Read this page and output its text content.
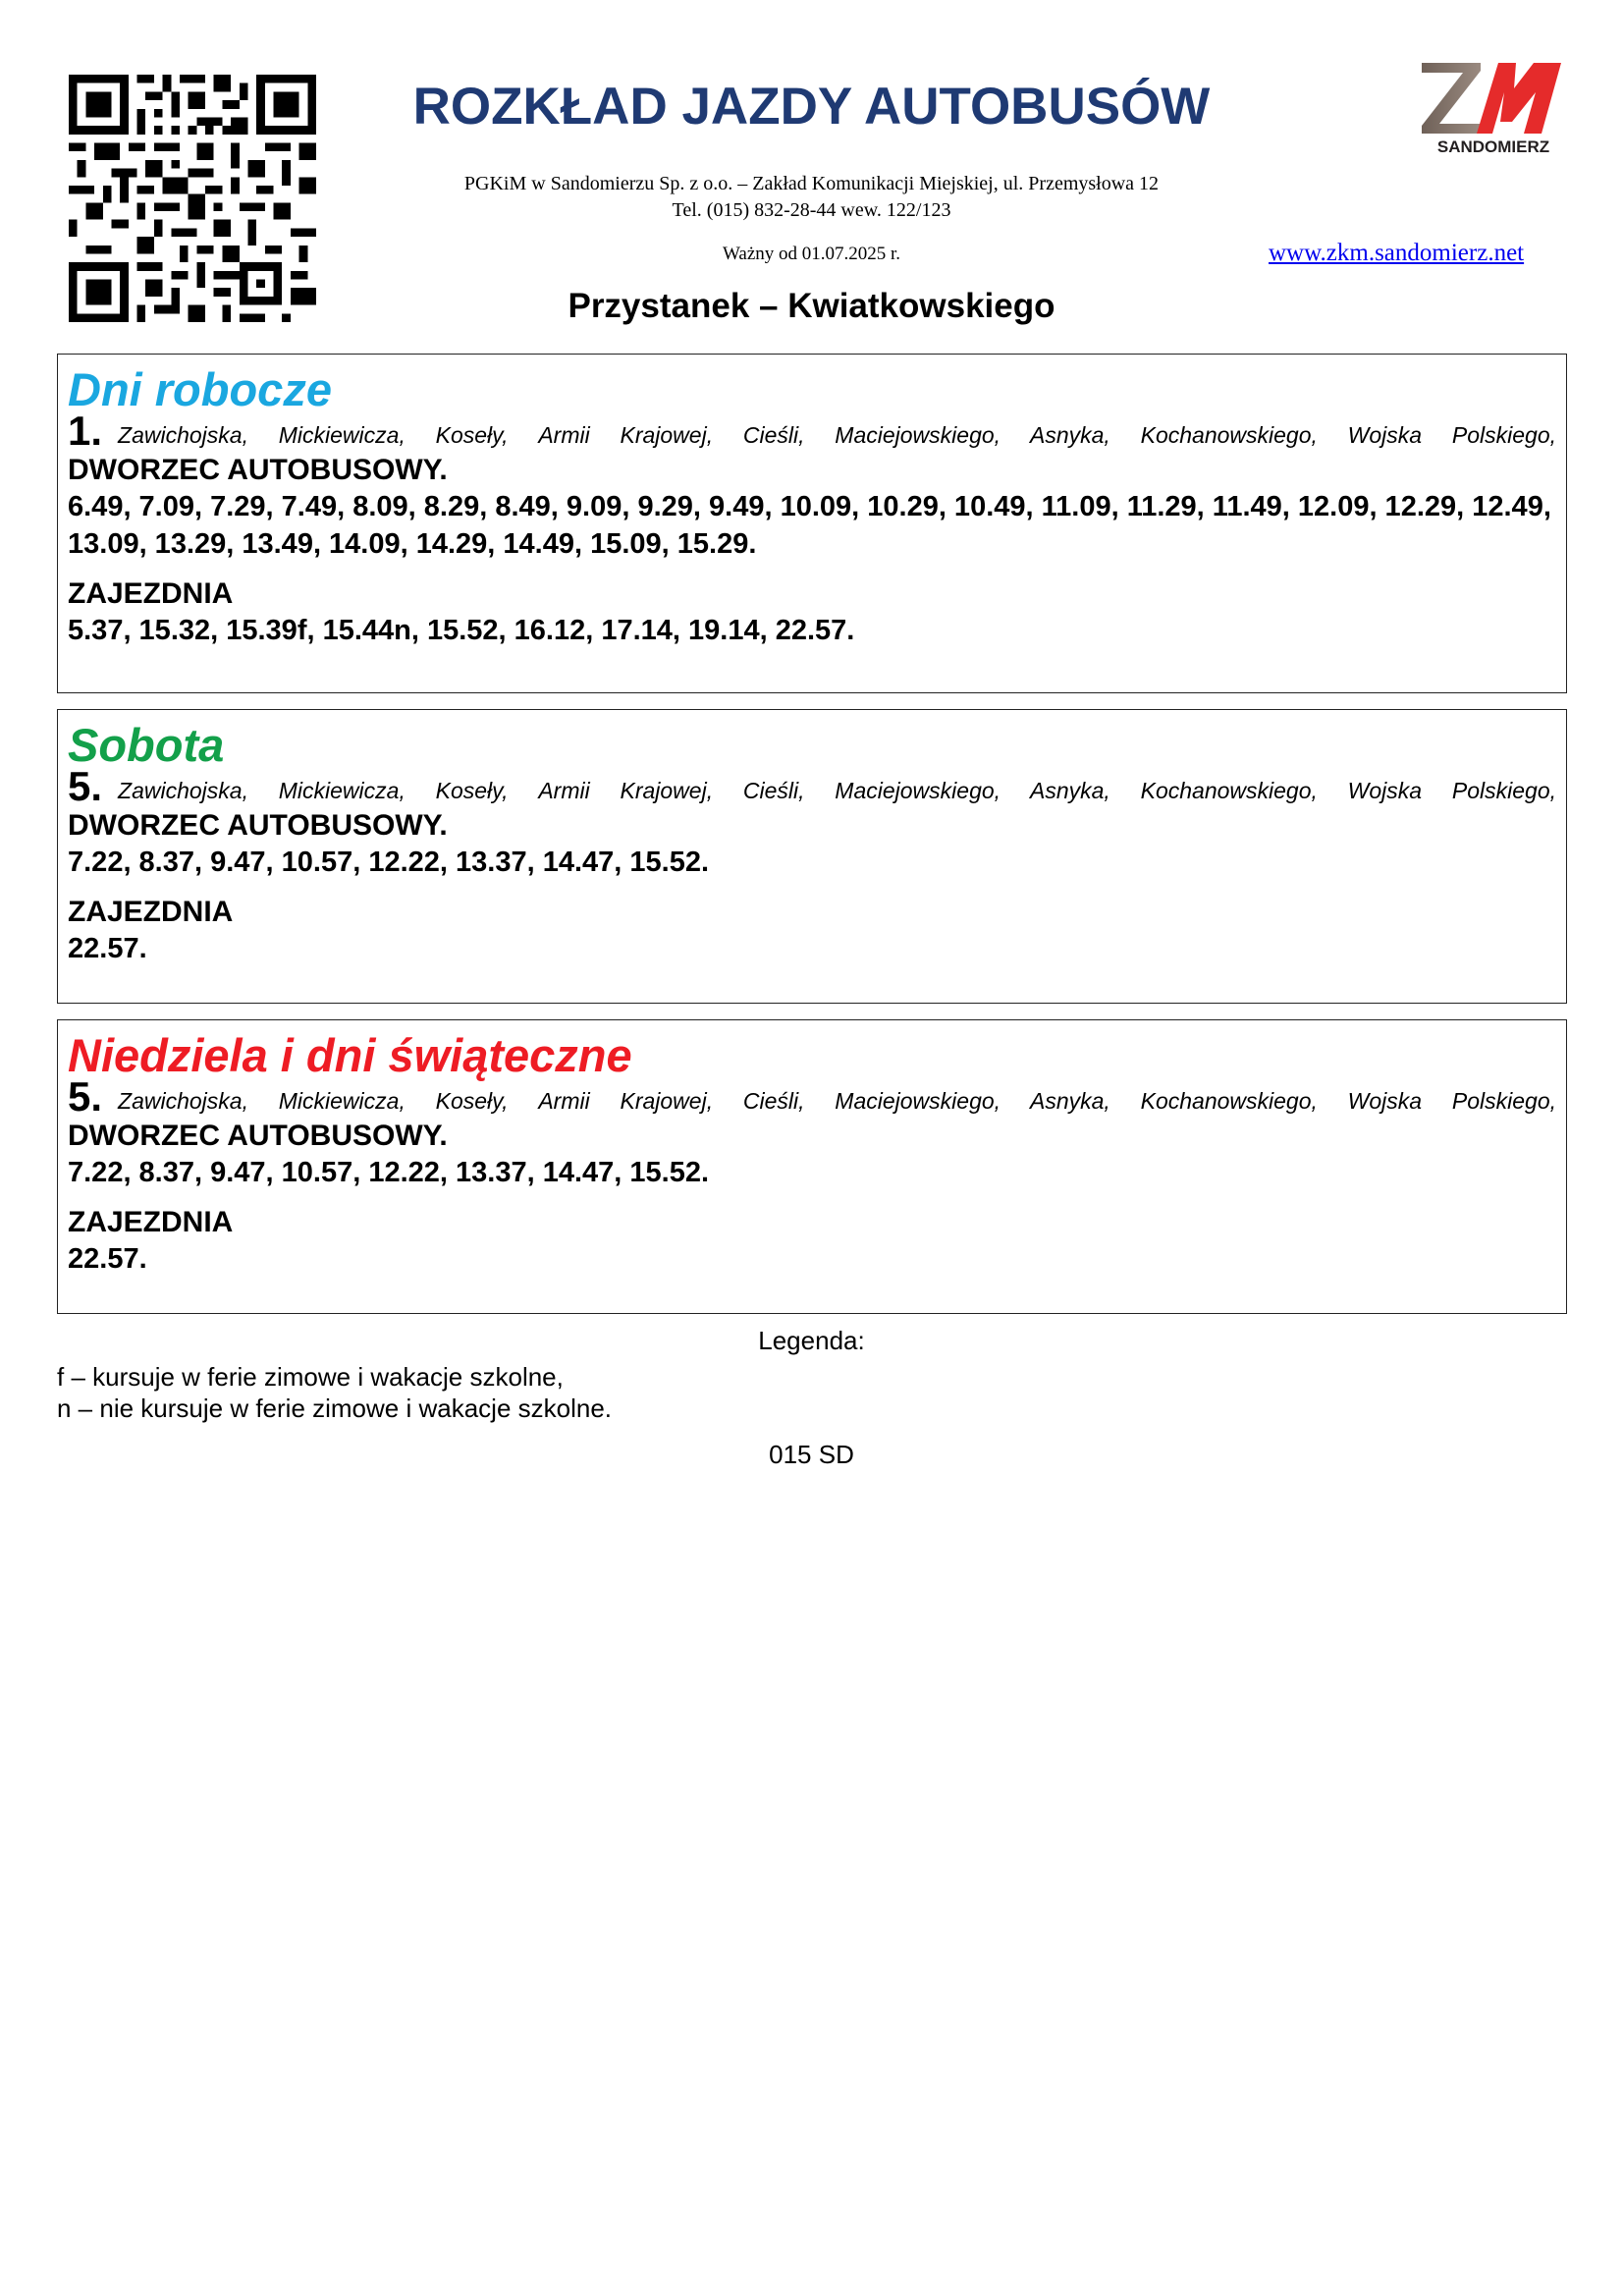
SANDOMIERZ
ROZKŁAD JAZDY AUTOBUSÓW
PGKiM w Sandomierzu Sp. z o.o. – Zakład Komunikacji Miejskiej, ul. Przemysłowa 12
Tel. (015) 832-28-44 wew. 122/123
Ważny od 01.07.2025 r.	www.zkm.sandomierz.net
Przystanek – Kwiatkowskiego
Dni robocze
1. Zawichojska, Mickiewicza, Kosełу, Armii Krajowej, Cieśli, Maciejowskiego, Asnyka, Kochanowskiego, Wojska Polskiego,
DWORZEC AUTOBUSOWY.
6.49, 7.09, 7.29, 7.49, 8.09, 8.29, 8.49, 9.09, 9.29, 9.49, 10.09, 10.29, 10.49, 11.09, 11.29, 11.49, 12.09, 12.29, 12.49, 13.09, 13.29, 13.49, 14.09, 14.29, 14.49, 15.09, 15.29.
ZAJEZDNIA
5.37, 15.32, 15.39f, 15.44n, 15.52, 16.12, 17.14, 19.14, 22.57.
Sobota
5. Zawichojska, Mickiewicza, Kosełу, Armii Krajowej, Cieśli, Maciejowskiego, Asnyka, Kochanowskiego, Wojska Polskiego,
DWORZEC AUTOBUSOWY.
7.22, 8.37, 9.47, 10.57, 12.22, 13.37, 14.47, 15.52.
ZAJEZDNIA
22.57.
Niedziela i dni świąteczne
5. Zawichojska, Mickiewicza, Kosełу, Armii Krajowej, Cieśli, Maciejowskiego, Asnyka, Kochanowskiego, Wojska Polskiego,
DWORZEC AUTOBUSOWY.
7.22, 8.37, 9.47, 10.57, 12.22, 13.37, 14.47, 15.52.
ZAJEZDNIA
22.57.
Legenda:
f – kursuje w ferie zimowe i wakacje szkolne,
n – nie kursuje w ferie zimowe i wakacje szkolne.
015 SD
